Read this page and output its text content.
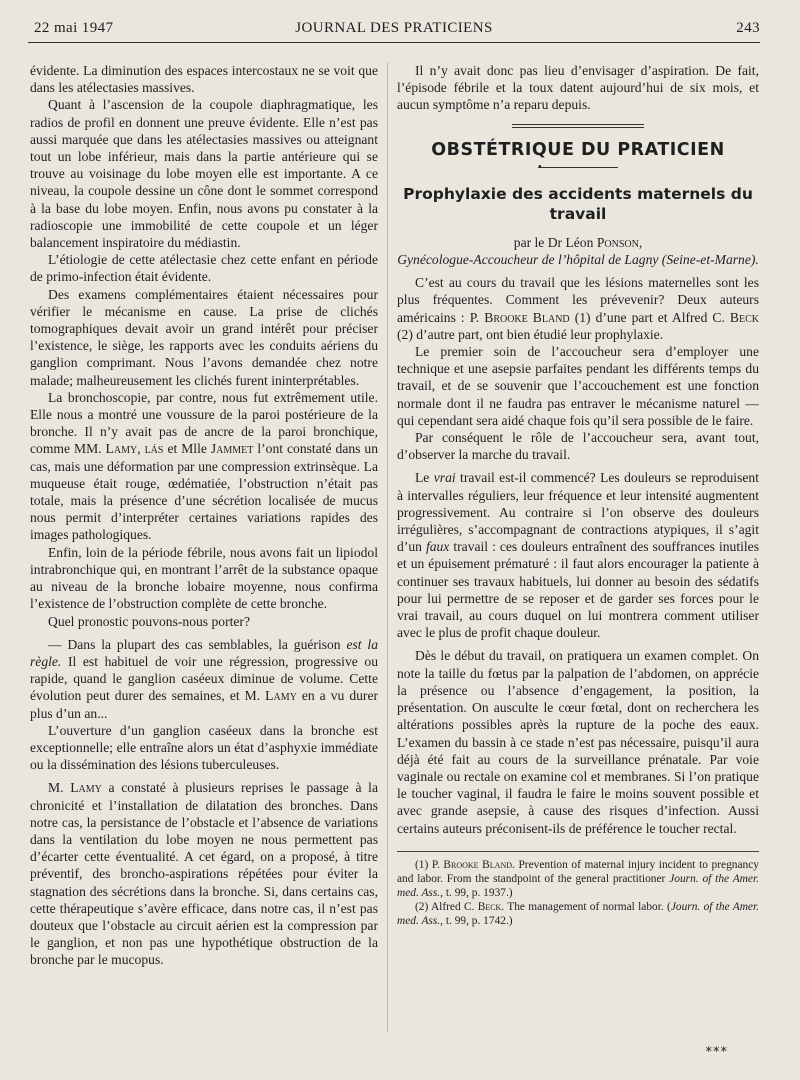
22 mai 1947	JOURNAL DES PRATICIENS	243

évidente. La diminution des espaces intercostaux ne se voit que dans les atélectasies massives.

Quant à l’ascension de la coupole diaphragmatique, les radios de profil en donnent une preuve évidente. Elle n’est pas aussi marquée que dans les atélectasies massives ou atteignant tout un lobe inférieur, mais dans la partie antérieure qui se trouve au voisinage du lobe moyen elle est importante. A ce niveau, la coupole dessine un cône dont le sommet correspond à la base du lobe moyen. Enfin, nous avons pu constater à la radioscopie une immobilité de cette coupole et un léger balancement inspiratoire du médiastin.

L’étiologie de cette atélectasie chez cette enfant en période de primo-infection était évidente.

Des examens complémentaires étaient nécessaires pour vérifier le mécanisme en cause. La prise de clichés tomographiques devait avoir un grand intérêt pour préciser l’existence, le siège, les rapports avec les conduits aériens du ganglion comprimant. Nous l’avons demandée chez notre malade; malheureusement les clichés furent ininterprétables.

La bronchoscopie, par contre, nous fut extrêmement utile. Elle nous a montré une voussure de la paroi postérieure de la bronche. Il n’y avait pas de ancre de la paroi bronchique, comme MM. Lamy, lás et Mlle Jammet l’ont constaté dans un cas, mais une déformation par une compression extrinsèque. La muqueuse était rouge, œdématiée, l’obstruction n’était pas totale, mais la présence d’une sécrétion localisée de mucus nous permit d’interpréter certaines variations rapides des images pathologiques.

Enfin, loin de la période fébrile, nous avons fait un lipiodol intrabronchique qui, en montrant l’arrêt de la substance opaque au niveau de la bronche lobaire moyenne, nous confirma l’existence de l’obstruction complète de cette bronche.

Quel pronostic pouvons-nous porter?

— Dans la plupart des cas semblables, la guérison est la règle. Il est habituel de voir une régression, progressive ou rapide, quand le ganglion caséeux diminue de volume. Cette évolution peut durer des semaines, et M. Lamy en a vu durer plus d’un an...

L’ouverture d’un ganglion caséeux dans la bronche est exceptionnelle; elle entraîne alors un état d’asphyxie immédiate ou la dissémination des lésions tuberculeuses.

M. Lamy a constaté à plusieurs reprises le passage à la chronicité et l’installation de dilatation des bronches. Dans notre cas, la persistance de l’obstacle et l’absence de variations dans la ventilation du lobe moyen ne nous permettent pas d’écarter cette éventualité. A cet égard, on a proposé, à titre préventif, des broncho-aspirations répétées pour éviter la stagnation des sécrétions dans la bronche. Si, dans certains cas, cette thérapeutique s’avère efficace, dans notre cas, il n’est pas douteux que l’obstacle au circuit aérien est la compression par le ganglion, et non pas une hypothétique obstruction de la bronche par le mucopus.

Il n’y avait donc pas lieu d’envisager d’aspiration. De fait, l’épisode fébrile et la toux datent aujourd’hui de six mois, et aucun symptôme n’a reparu depuis.

OBSTÉTRIQUE DU PRATICIEN
•
Prophylaxie des accidents maternels du travail

par le Dr Léon Ponson,

Gynécologue-Accoucheur de l’hôpital de Lagny (Seine-et-Marne).

C’est au cours du travail que les lésions maternelles sont les plus fréquentes. Comment les prévevenir? Deux auteurs américains : P. Brooke Bland (1) d’une part et Alfred C. Beck (2) d’autre part, ont bien étudié leur prophylaxie.

Le premier soin de l’accoucheur sera d’employer une technique et une asepsie parfaites pendant les différents temps du travail, et de se souvenir que l’accouchement est une fonction normale dont il ne faudra pas entraver le mécanisme naturel — qui cependant sera aidé chaque fois qu’il sera possible de le faire.

Par conséquent le rôle de l’accoucheur sera, avant tout, d’observer la marche du travail.

Le vrai travail est-il commencé? Les douleurs se reproduisent à intervalles réguliers, leur fréquence et leur intensité augmentent progressivement. Au contraire si l’on observe des douleurs irrégulières, s’accompagnant de contractions atypiques, il s’agit d’un faux travail : ces douleurs entraînent des souffrances inutiles et un épuisement prématuré : il faut alors encourager la patiente à continuer ses travaux habituels, lui donner au besoin des sédatifs pour lui permettre de se reposer et de garder ses forces pour le vrai travail, au cours duquel on lui montrera comment utiliser avec le plus de profit chaque douleur.

Dès le début du travail, on pratiquera un examen complet. On note la taille du fœtus par la palpation de l’abdomen, on apprécie la présence ou l’absence d’engagement, la position, la présentation. On ausculte le cœur fœtal, dont on recherchera les altérations possibles après la rupture de la poche des eaux. L’examen du bassin à ce stade n’est pas nécessaire, puisqu’il aura déjà été fait au cours de la surveillance prénatale. Par voie vaginale ou rectale on examine col et membranes. Si l’on pratique le toucher vaginal, il faudra le faire le moins souvent possible et avec grande asepsie, à cause des risques d’infection. Aussi certains auteurs préconisent-ils de préférence le toucher rectal.

(1) P. Brooke Bland. Prevention of maternal injury incident to pregnancy and labor. From the standpoint of the general practitioner Journ. of the Amer. med. Ass., t. 99, p. 1937.)

(2) Alfred C. Beck. The management of normal labor. (Journ. of the Amer. med. Ass., t. 99, p. 1742.)

***
